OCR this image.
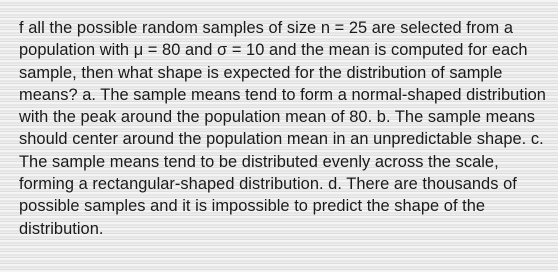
f all the possible random samples of size n = 25 are selected from a population with μ = 80 and σ = 10 and the mean is computed for each sample, then what shape is expected for the distribution of sample means? a. The sample means tend to form a normal-shaped distribution with the peak around the population mean of 80. b. The sample means should center around the population mean in an unpredictable shape. c. The sample means tend to be distributed evenly across the scale, forming a rectangular-shaped distribution. d. There are thousands of possible samples and it is impossible to predict the shape of the distribution.
